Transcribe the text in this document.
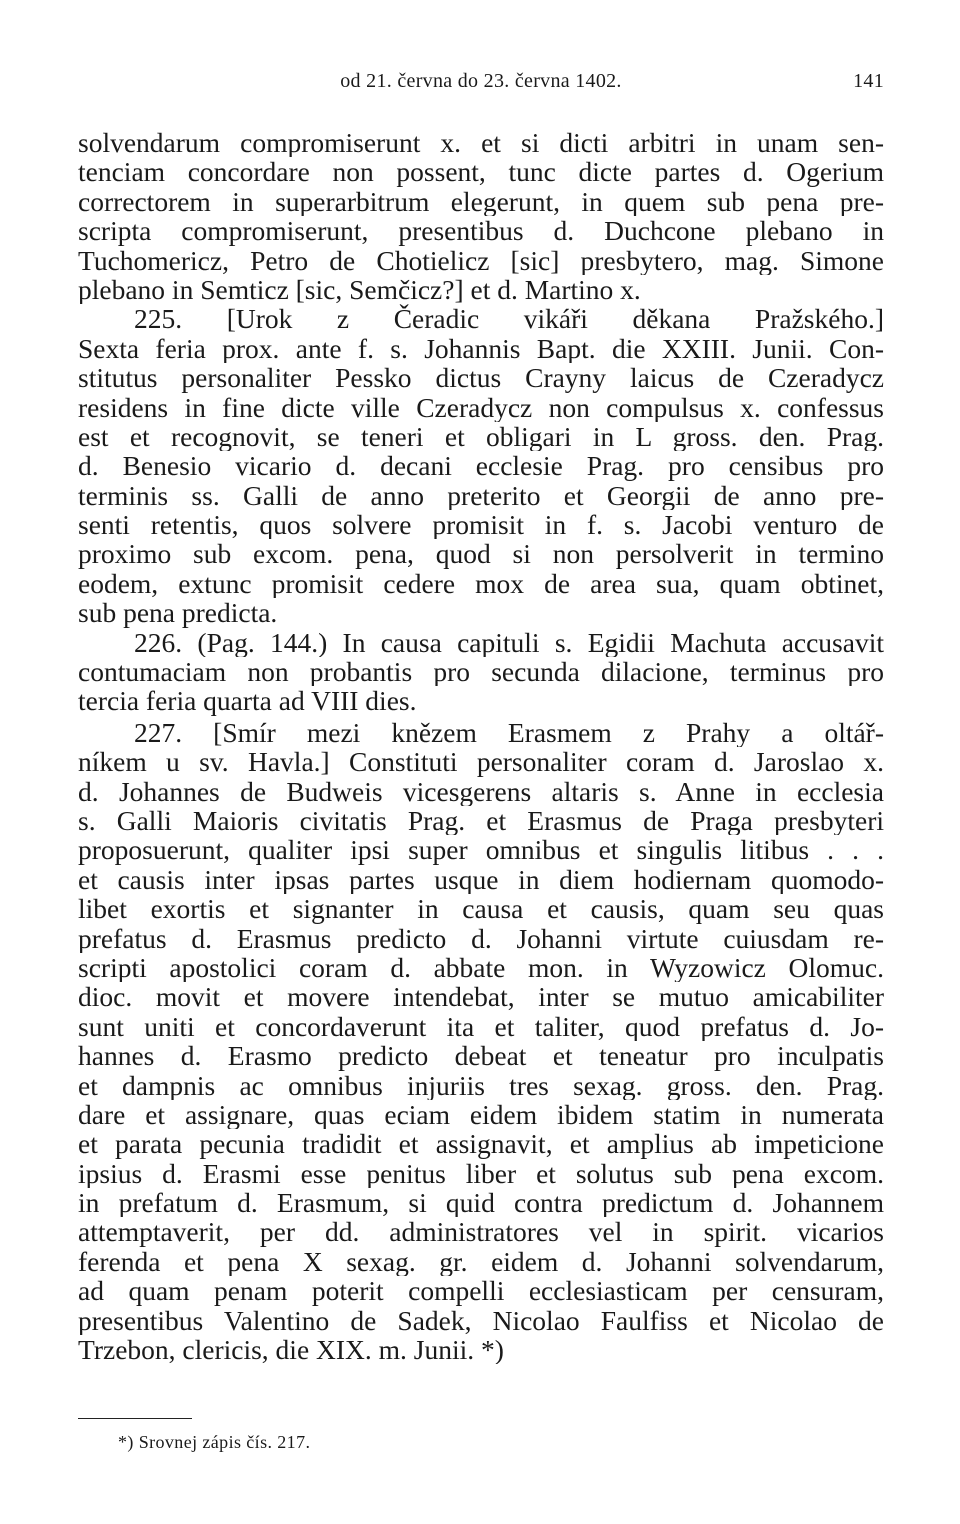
od 21. června do 23. června 1402.	141
solvendarum compromiserunt x. et si dicti arbitri in unam sen-
tenciam concordare non possent, tunc dicte partes d. Ogerium
correctorem in superarbitrum elegerunt, in quem sub pena pre-
scripta compromiserunt, presentibus d. Duchcone plebano in
Tuchomericz, Petro de Chotielicz [sic] presbytero, mag. Simone
plebano in Semticz [sic, Semčicz?] et d. Martino x.
225. [Urok z Čeradic vikáři děkana Pražského.]
Sexta feria prox. ante f. s. Johannis Bapt. die XXIII. Junii. Con-
stitutus personaliter Pessko dictus Crayny laicus de Czeradycz
residens in fine dicte ville Czeradycz non compulsus x. confessus
est et recognovit, se teneri et obligari in L gross. den. Prag.
d. Benesio vicario d. decani ecclesie Prag. pro censibus pro
terminis ss. Galli de anno preterito et Georgii de anno pre-
senti retentis, quos solvere promisit in f. s. Jacobi venturo de
proximo sub excom. pena, quod si non persolverit in termino
eodem, extunc promisit cedere mox de area sua, quam obtinet,
sub pena predicta.
226. (Pag. 144.) In causa capituli s. Egidii Machuta accusavit
contumaciam non probantis pro secunda dilacione, terminus pro
tercia feria quarta ad VIII dies.
227. [Smír mezi knězem Erasmem z Prahy a oltář-
níkem u sv. Havla.] Constituti personaliter coram d. Jaroslao x.
d. Johannes de Budweis vicesgerens altaris s. Anne in ecclesia
s. Galli Maioris civitatis Prag. et Erasmus de Praga presbyteri
proposuerunt, qualiter ipsi super omnibus et singulis litibus . . .
et causis inter ipsas partes usque in diem hodiernam quomodo-
libet exortis et signanter in causa et causis, quam seu quas
prefatus d. Erasmus predicto d. Johanni virtute cuiusdam re-
scripti apostolici coram d. abbate mon. in Wyzowicz Olomuc.
dioc. movit et movere intendebat, inter se mutuo amicabiliter
sunt uniti et concordaverunt ita et taliter, quod prefatus d. Jo-
hannes d. Erasmo predicto debeat et teneatur pro inculpatis
et dampnis ac omnibus injuriis tres sexag. gross. den. Prag.
dare et assignare, quas eciam eidem ibidem statim in numerata
et parata pecunia tradidit et assignavit, et amplius ab impeticione
ipsius d. Erasmi esse penitus liber et solutus sub pena excom.
in prefatum d. Erasmum, si quid contra predictum d. Johannem
attemptaverit, per dd. administratores vel in spirit. vicarios
ferenda et pena X sexag. gr. eidem d. Johanni solvendarum,
ad quam penam poterit compelli ecclesiasticam per censuram,
presentibus Valentino de Sadek, Nicolao Faulfiss et Nicolao de
Trzebon, clericis, die XIX. m. Junii. *)
*) Srovnej zápis čís. 217.
